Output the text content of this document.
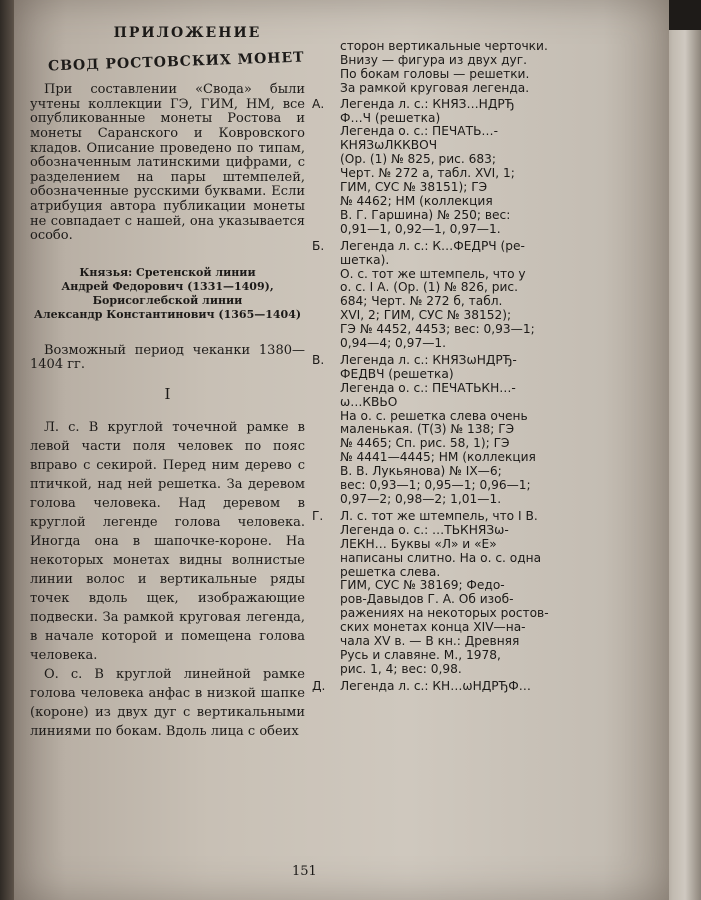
ПРИЛОЖЕНИЕ
СВОД РОСТОВСКИХ МОНЕТ

При составлении «Свода» были учтены коллекции ГЭ, ГИМ, НМ, все опубликованные монеты Ростова и монеты Саранского и Ковровского кладов. Описание проведено по типам, обозначенным латинскими цифрами, с разделением на пары штемпелей, обозначенные русскими буквами. Если атрибуция автора публикации монеты не совпадает с нашей, она указывается особо.

Князья: Сретенской линии
Андрей Федорович (1331—1409),
Борисоглебской линии
Александр Константинович (1365—1404)

Возможный период чеканки 1380—1404 гг.

I

Л. с. В круглой точечной рамке в левой части поля человек по пояс вправо с секирой. Перед ним дерево с птичкой, над ней решетка. За деревом голова человека. Над деревом в круглой легенде голова человека. Иногда она в шапочке-короне. На некоторых монетах видны волнистые линии волос и вертикальные ряды точек вдоль щек, изображающие подвески. За рамкой круговая легенда, в начале которой и помещена голова человека.

О. с. В круглой линейной рамке голова человека анфас в низкой шапке (короне) из двух дуг с вертикальными линиями по бокам. Вдоль лица с обеих

сторон вертикальные черточки.
Внизу — фигура из двух дуг.
По бокам головы — решетки.
За рамкой круговая легенда.
А.	Легенда л. с.: КНЯЗ…НДРЂ
Ф…Ч (решетка)
Легенда о. с.: ПЕЧАТЬ…-
КНЯЗѡЛККВОЧ
(Ор. (1) № 825, рис. 683;
Черт. № 272 а, табл. XVI, 1;
ГИМ, СУС № 38151); ГЭ
№ 4462; НМ (коллекция
В. Г. Гаршина) № 250; вес:
0,91—1, 0,92—1, 0,97—1.
Б.	Легенда л. с.: К…ФЕДРЧ (ре-
шетка).
О. с. тот же штемпель, что у
о. с. I А. (Ор. (1) № 826, рис.
684; Черт. № 272 б, табл.
XVI, 2; ГИМ, СУС № 38152);
ГЭ № 4452, 4453; вес: 0,93—1;
0,94—4; 0,97—1.
В.	Легенда л. с.: КНЯЗѡНДРЂ-
ФЕДВЧ (решетка)
Легенда о. с.: ПЕЧАТЬКН…-
ѡ…КВЬО
На о. с. решетка слева очень
маленькая. (Т(З) № 138; ГЭ
№ 4465; Сп. рис. 58, 1); ГЭ
№ 4441—4445; НМ (коллекция
В. В. Лукьянова) № IX—6;
вес: 0,93—1; 0,95—1; 0,96—1;
0,97—2; 0,98—2; 1,01—1.
Г.	Л. с. тот же штемпель, что I В.
Легенда о. с.: …ТЬКНЯЗѡ-
ЛЕКН… Буквы «Л» и «Е»
написаны слитно. На о. с. одна
решетка слева.
ГИМ, СУС № 38169; Федо-
ров-Давыдов Г. А. Об изоб-
ражениях на некоторых ростов-
ских монетах конца XIV—на-
чала XV в. — В кн.: Древняя
Русь и славяне. М., 1978,
рис. 1, 4; вес: 0,98.
Д.	Легенда л. с.: КН…ѡНДРЂФ…
151
